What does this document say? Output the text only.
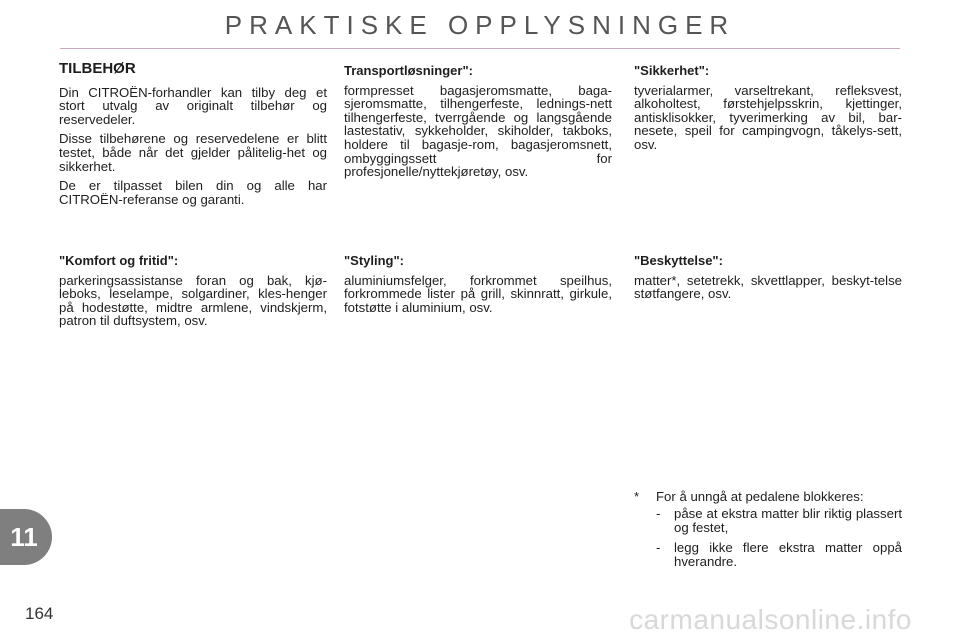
PRAKTISKE OPPLYSNINGER
TILBEHØR

Din CITROËN-forhandler kan tilby deg et stort utvalg av originalt tilbehør og reservedeler.

Disse tilbehørene og reservedelene er blitt testet, både når det gjelder pålitelig-het og sikkerhet.

De er tilpasset bilen din og alle har CITROËN-referanse og garanti.

"Komfort og fritid":

parkeringsassistanse foran og bak, kjø-leboks, leselampe, solgardiner, kles-henger på hodestøtte, midtre armlene, vindskjerm, patron til duftsystem, osv.

Transportløsninger":

formpresset bagasjeromsmatte, baga-sjeromsmatte, tilhengerfeste, lednings-nett tilhengerfeste, tverrgående og langsgående lastestativ, sykkeholder, skiholder, takboks, holdere til bagasje-rom, bagasjeromsnett, ombyggingssett for profesjonelle/nyttekjøretøy, osv.

"Styling":

aluminiumsfelger, forkrommet speilhus, forkrommede lister på grill, skinnratt, girkule, fotstøtte i aluminium, osv.

"Sikkerhet":

tyverialarmer, varseltrekant, refleksvest, alkoholtest, førstehjelpsskrin, kjettinger, antisklisokker, tyverimerking av bil, bar-nesete, speil for campingvogn, tåkelys-sett, osv.

"Beskyttelse":

matter*, setetrekk, skvettlapper, beskyt-telse støtfangere, osv.

*	For å unngå at pedalene blokkeres:
-	påse at ekstra matter blir riktig plassert og festet,
-	legg ikke flere ekstra matter oppå hverandre.
11
164	carmanualsonline.info
